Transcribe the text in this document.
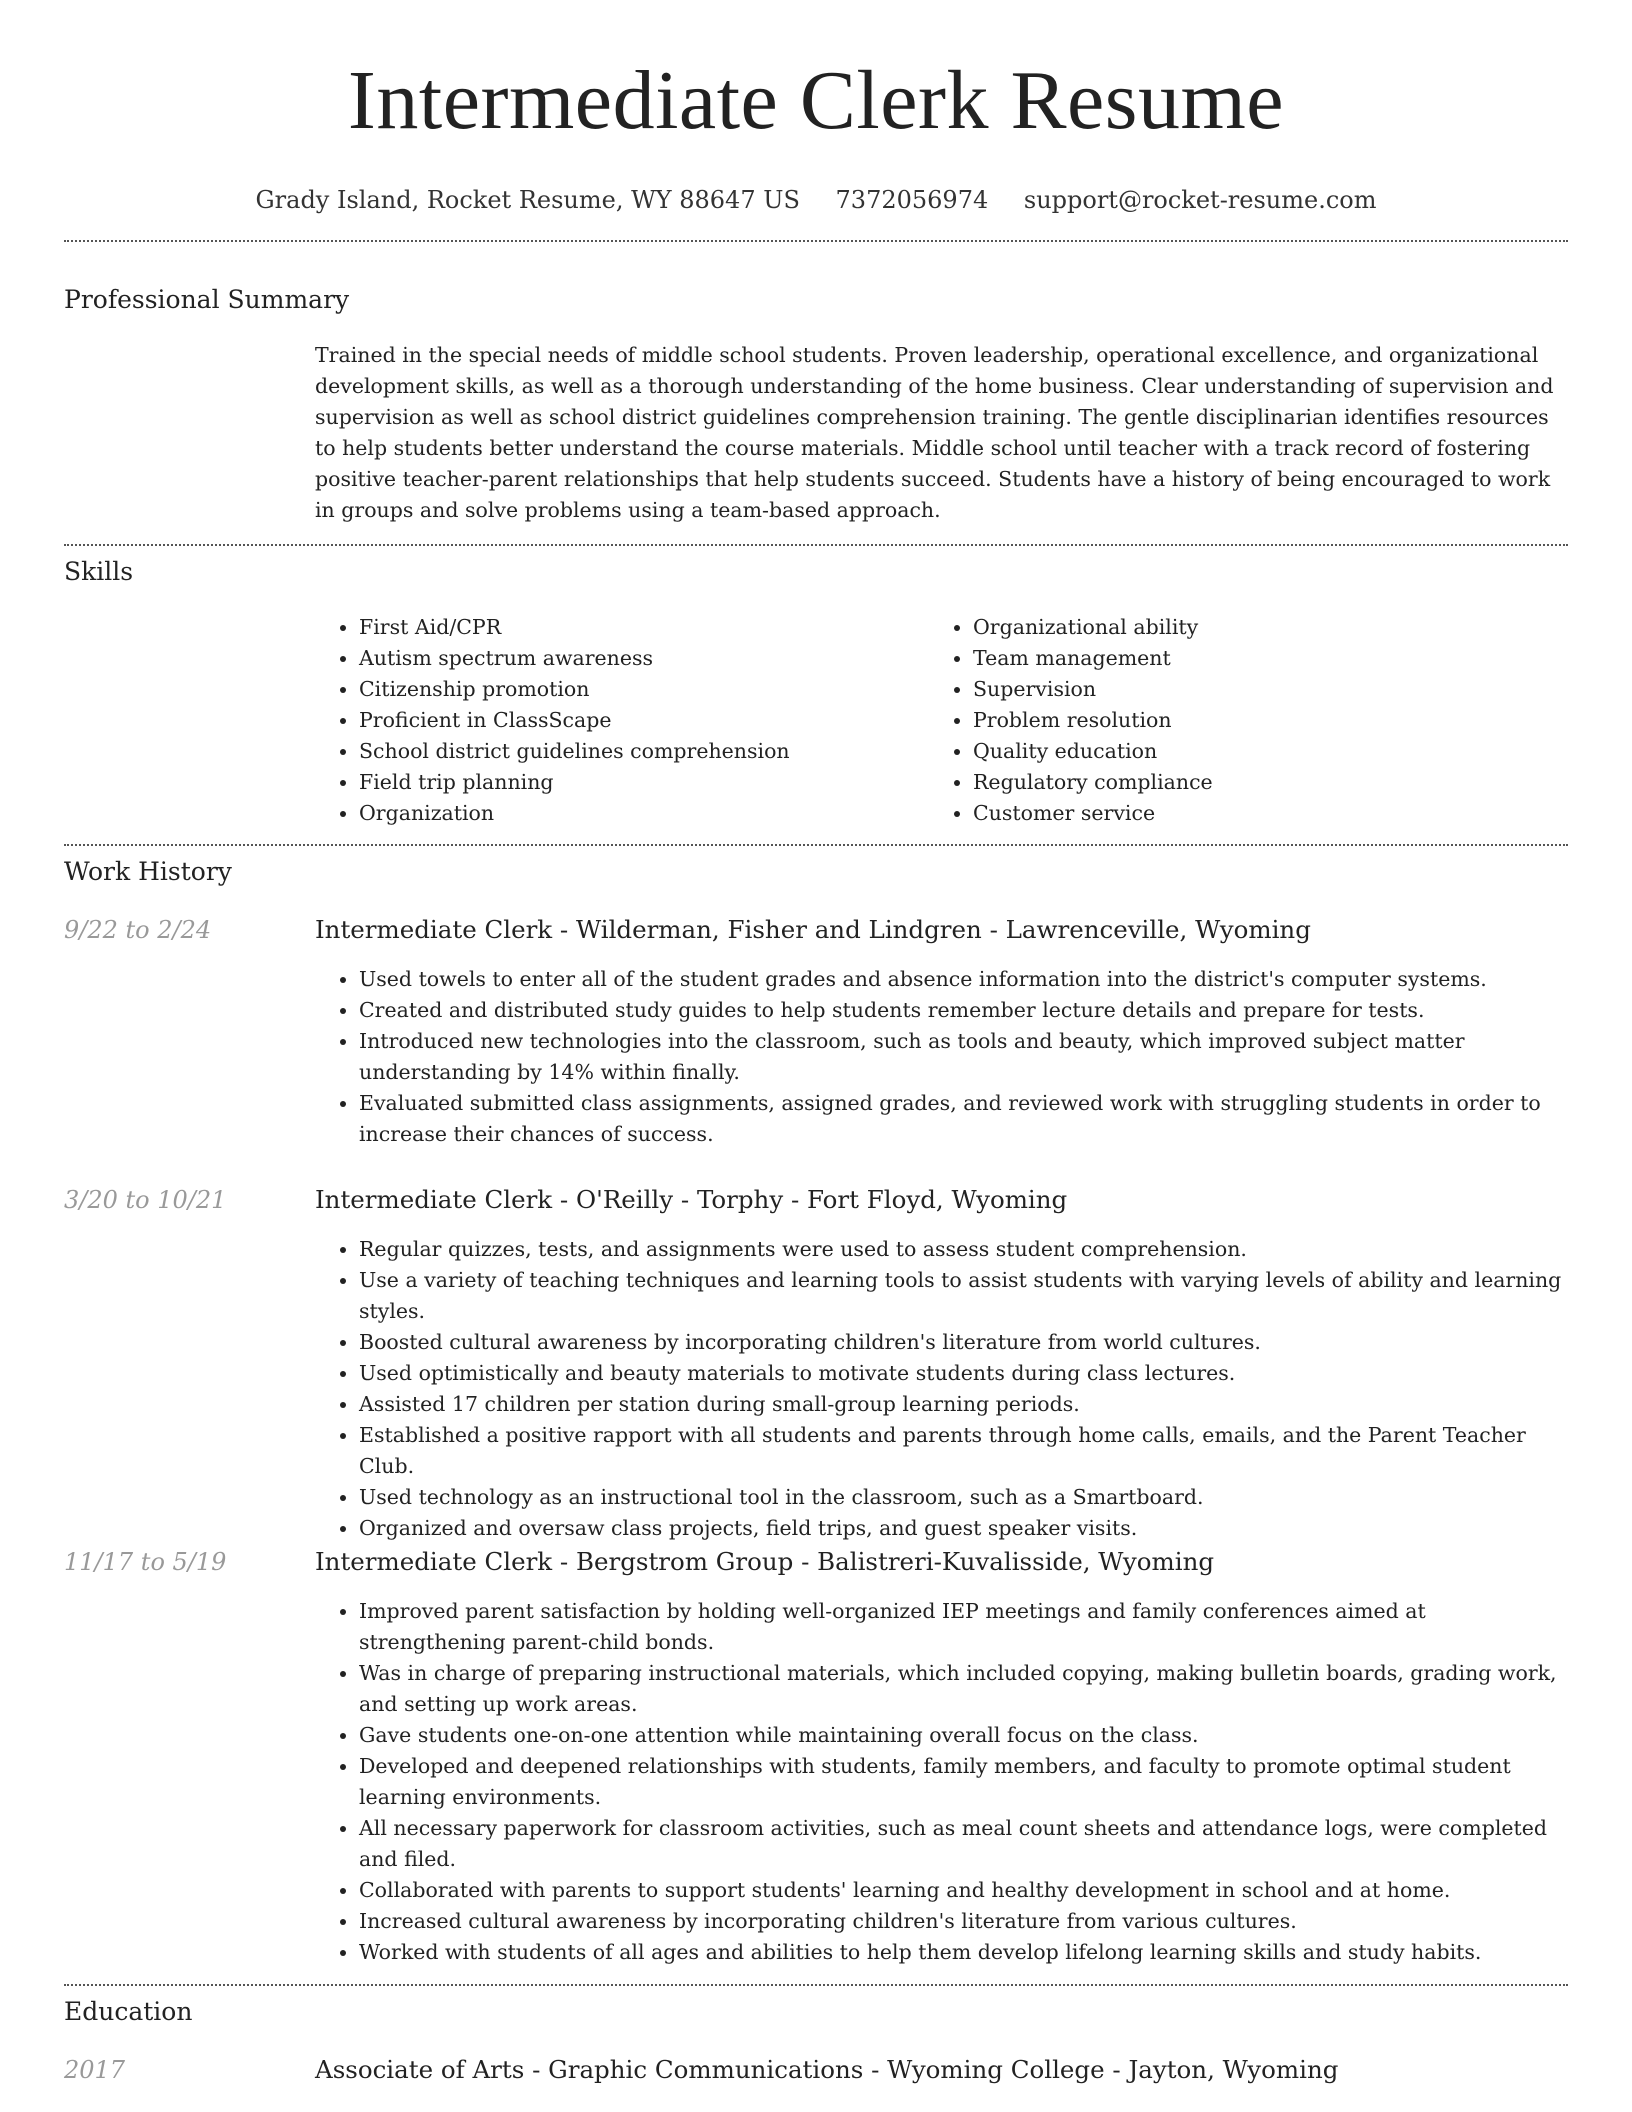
Intermediate Clerk Resume
Grady Island, Rocket Resume, WY 88647 US 7372056974 support@rocket-resume.com
Professional Summary

Trained in the special needs of middle school students. Proven leadership, operational excellence, and organizational development skills, as well as a thorough understanding of the home business. Clear understanding of supervision and supervision as well as school district guidelines comprehension training. The gentle disciplinarian identifies resources to help students better understand the course materials. Middle school until teacher with a track record of fostering positive teacher-parent relationships that help students succeed. Students have a history of being encouraged to work in groups and solve problems using a team-based approach.

Skills
• First Aid/CPR
• Autism spectrum awareness
• Citizenship promotion
• Proficient in ClassScape
• School district guidelines comprehension
• Field trip planning
• Organization
• Organizational ability
• Team management
• Supervision
• Problem resolution
• Quality education
• Regulatory compliance
• Customer service
Work History
9/22 to 2/24	Intermediate Clerk - Wilderman, Fisher and Lindgren - Lawrenceville, Wyoming
• Used towels to enter all of the student grades and absence information into the district's computer systems.
• Created and distributed study guides to help students remember lecture details and prepare for tests.
• Introduced new technologies into the classroom, such as tools and beauty, which improved subject matter understanding by 14% within finally.
• Evaluated submitted class assignments, assigned grades, and reviewed work with struggling students in order to increase their chances of success.
3/20 to 10/21	Intermediate Clerk - O'Reilly - Torphy - Fort Floyd, Wyoming
• Regular quizzes, tests, and assignments were used to assess student comprehension.
• Use a variety of teaching techniques and learning tools to assist students with varying levels of ability and learning styles.
• Boosted cultural awareness by incorporating children's literature from world cultures.
• Used optimistically and beauty materials to motivate students during class lectures.
• Assisted 17 children per station during small-group learning periods.
• Established a positive rapport with all students and parents through home calls, emails, and the Parent Teacher Club.
• Used technology as an instructional tool in the classroom, such as a Smartboard.
• Organized and oversaw class projects, field trips, and guest speaker visits.
11/17 to 5/19	Intermediate Clerk - Bergstrom Group - Balistreri-Kuvalisside, Wyoming
• Improved parent satisfaction by holding well-organized IEP meetings and family conferences aimed at strengthening parent-child bonds.
• Was in charge of preparing instructional materials, which included copying, making bulletin boards, grading work, and setting up work areas.
• Gave students one-on-one attention while maintaining overall focus on the class.
• Developed and deepened relationships with students, family members, and faculty to promote optimal student learning environments.
• All necessary paperwork for classroom activities, such as meal count sheets and attendance logs, were completed and filed.
• Collaborated with parents to support students' learning and healthy development in school and at home.
• Increased cultural awareness by incorporating children's literature from various cultures.
• Worked with students of all ages and abilities to help them develop lifelong learning skills and study habits.
Education
2017	Associate of Arts - Graphic Communications - Wyoming College - Jayton, Wyoming
